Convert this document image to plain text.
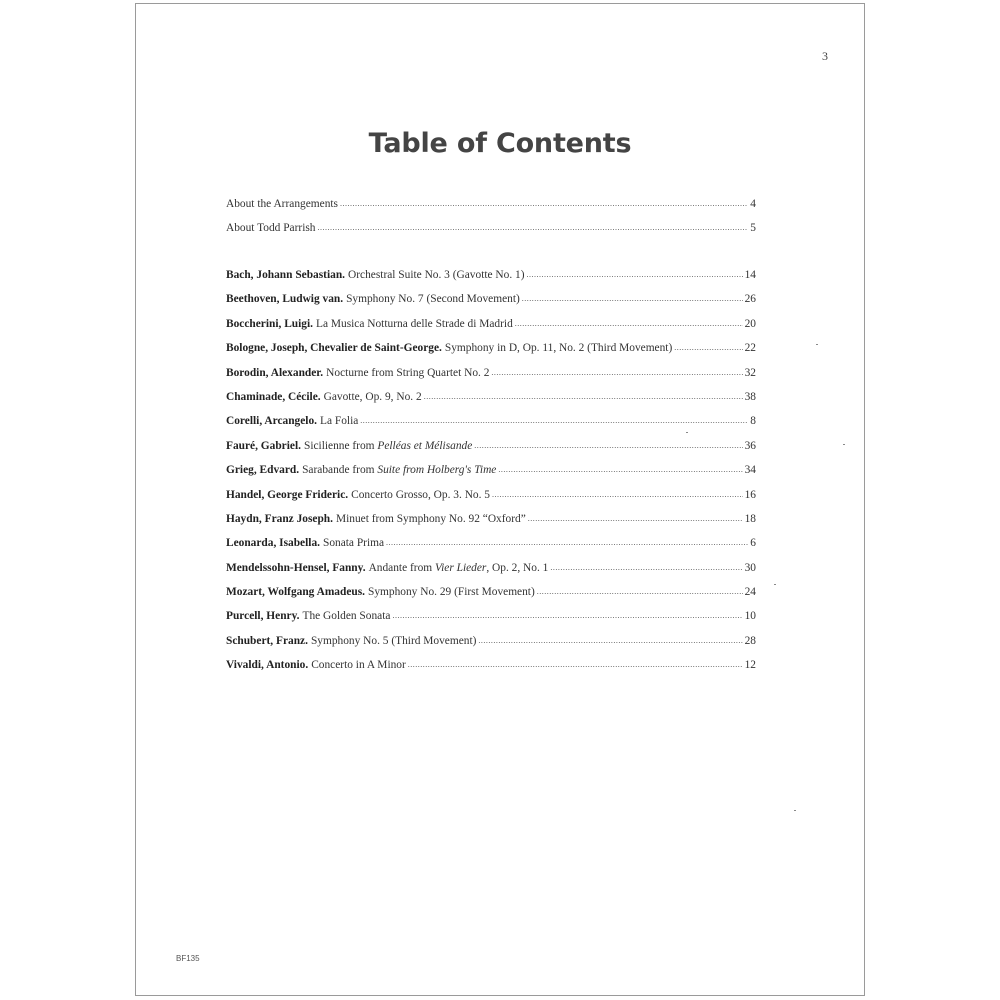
3
Table of Contents
About the Arrangements .....	4
About Todd Parrish .....	5
Bach, Johann Sebastian. Orchestral Suite No. 3 (Gavotte No. 1) .....	14
Beethoven, Ludwig van. Symphony No. 7 (Second Movement) .....	26
Boccherini, Luigi. La Musica Notturna delle Strade di Madrid .....	20
Bologne, Joseph, Chevalier de Saint-George. Symphony in D, Op. 11, No. 2 (Third Movement) .....	22
Borodin, Alexander. Nocturne from String Quartet No. 2 .....	32
Chaminade, Cécile. Gavotte, Op. 9, No. 2 .....	38
Corelli, Arcangelo. La Folia .....	8
Fauré, Gabriel. Sicilienne from Pelléas et Mélisande .....	36
Grieg, Edvard. Sarabande from Suite from Holberg's Time .....	34
Handel, George Frideric. Concerto Grosso, Op. 3. No. 5 .....	16
Haydn, Franz Joseph. Minuet from Symphony No. 92 “Oxford” .....	18
Leonarda, Isabella. Sonata Prima .....	6
Mendelssohn-Hensel, Fanny. Andante from Vier Lieder, Op. 2, No. 1 .....	30
Mozart, Wolfgang Amadeus. Symphony No. 29 (First Movement) .....	24
Purcell, Henry. The Golden Sonata .....	10
Schubert, Franz. Symphony No. 5 (Third Movement) .....	28
Vivaldi, Antonio. Concerto in A Minor .....	12
BF135
